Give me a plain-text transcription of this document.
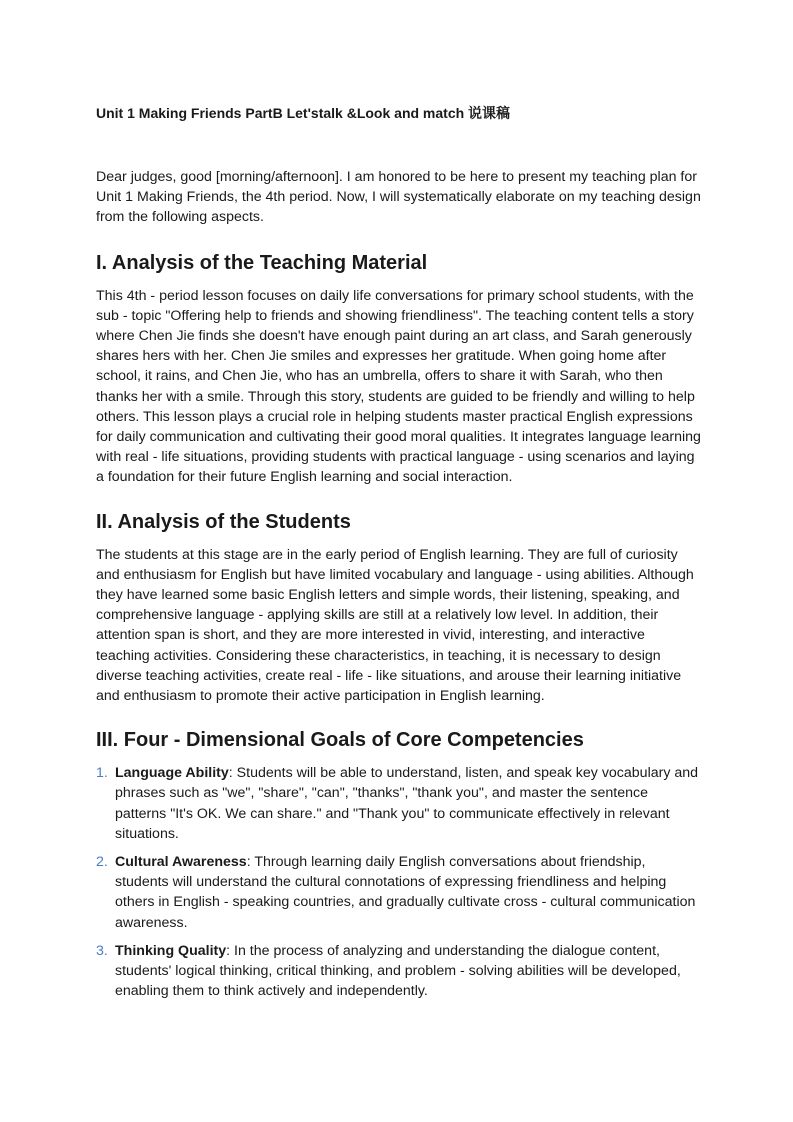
Unit 1 Making Friends PartB Let'stalk &Look and match 说课稿

Dear judges, good [morning/afternoon]. I am honored to be here to present my teaching plan for Unit 1 Making Friends, the 4th period. Now, I will systematically elaborate on my teaching design from the following aspects.

I. Analysis of the Teaching Material

This 4th - period lesson focuses on daily life conversations for primary school students, with the sub - topic "Offering help to friends and showing friendliness". The teaching content tells a story where Chen Jie finds she doesn't have enough paint during an art class, and Sarah generously shares hers with her. Chen Jie smiles and expresses her gratitude. When going home after school, it rains, and Chen Jie, who has an umbrella, offers to share it with Sarah, who then thanks her with a smile. Through this story, students are guided to be friendly and willing to help others. This lesson plays a crucial role in helping students master practical English expressions for daily communication and cultivating their good moral qualities. It integrates language learning with real - life situations, providing students with practical language - using scenarios and laying a foundation for their future English learning and social interaction.

II. Analysis of the Students

The students at this stage are in the early period of English learning. They are full of curiosity and enthusiasm for English but have limited vocabulary and language - using abilities. Although they have learned some basic English letters and simple words, their listening, speaking, and comprehensive language - applying skills are still at a relatively low level. In addition, their attention span is short, and they are more interested in vivid, interesting, and interactive teaching activities. Considering these characteristics, in teaching, it is necessary to design diverse teaching activities, create real - life - like situations, and arouse their learning initiative and enthusiasm to promote their active participation in English learning.

III. Four - Dimensional Goals of Core Competencies
1. Language Ability: Students will be able to understand, listen, and speak key vocabulary and phrases such as "we", "share", "can", "thanks", "thank you", and master the sentence patterns "It's OK. We can share." and "Thank you" to communicate effectively in relevant situations.
2. Cultural Awareness: Through learning daily English conversations about friendship, students will understand the cultural connotations of expressing friendliness and helping others in English - speaking countries, and gradually cultivate cross - cultural communication awareness.
3. Thinking Quality: In the process of analyzing and understanding the dialogue content, students' logical thinking, critical thinking, and problem - solving abilities will be developed, enabling them to think actively and independently.
